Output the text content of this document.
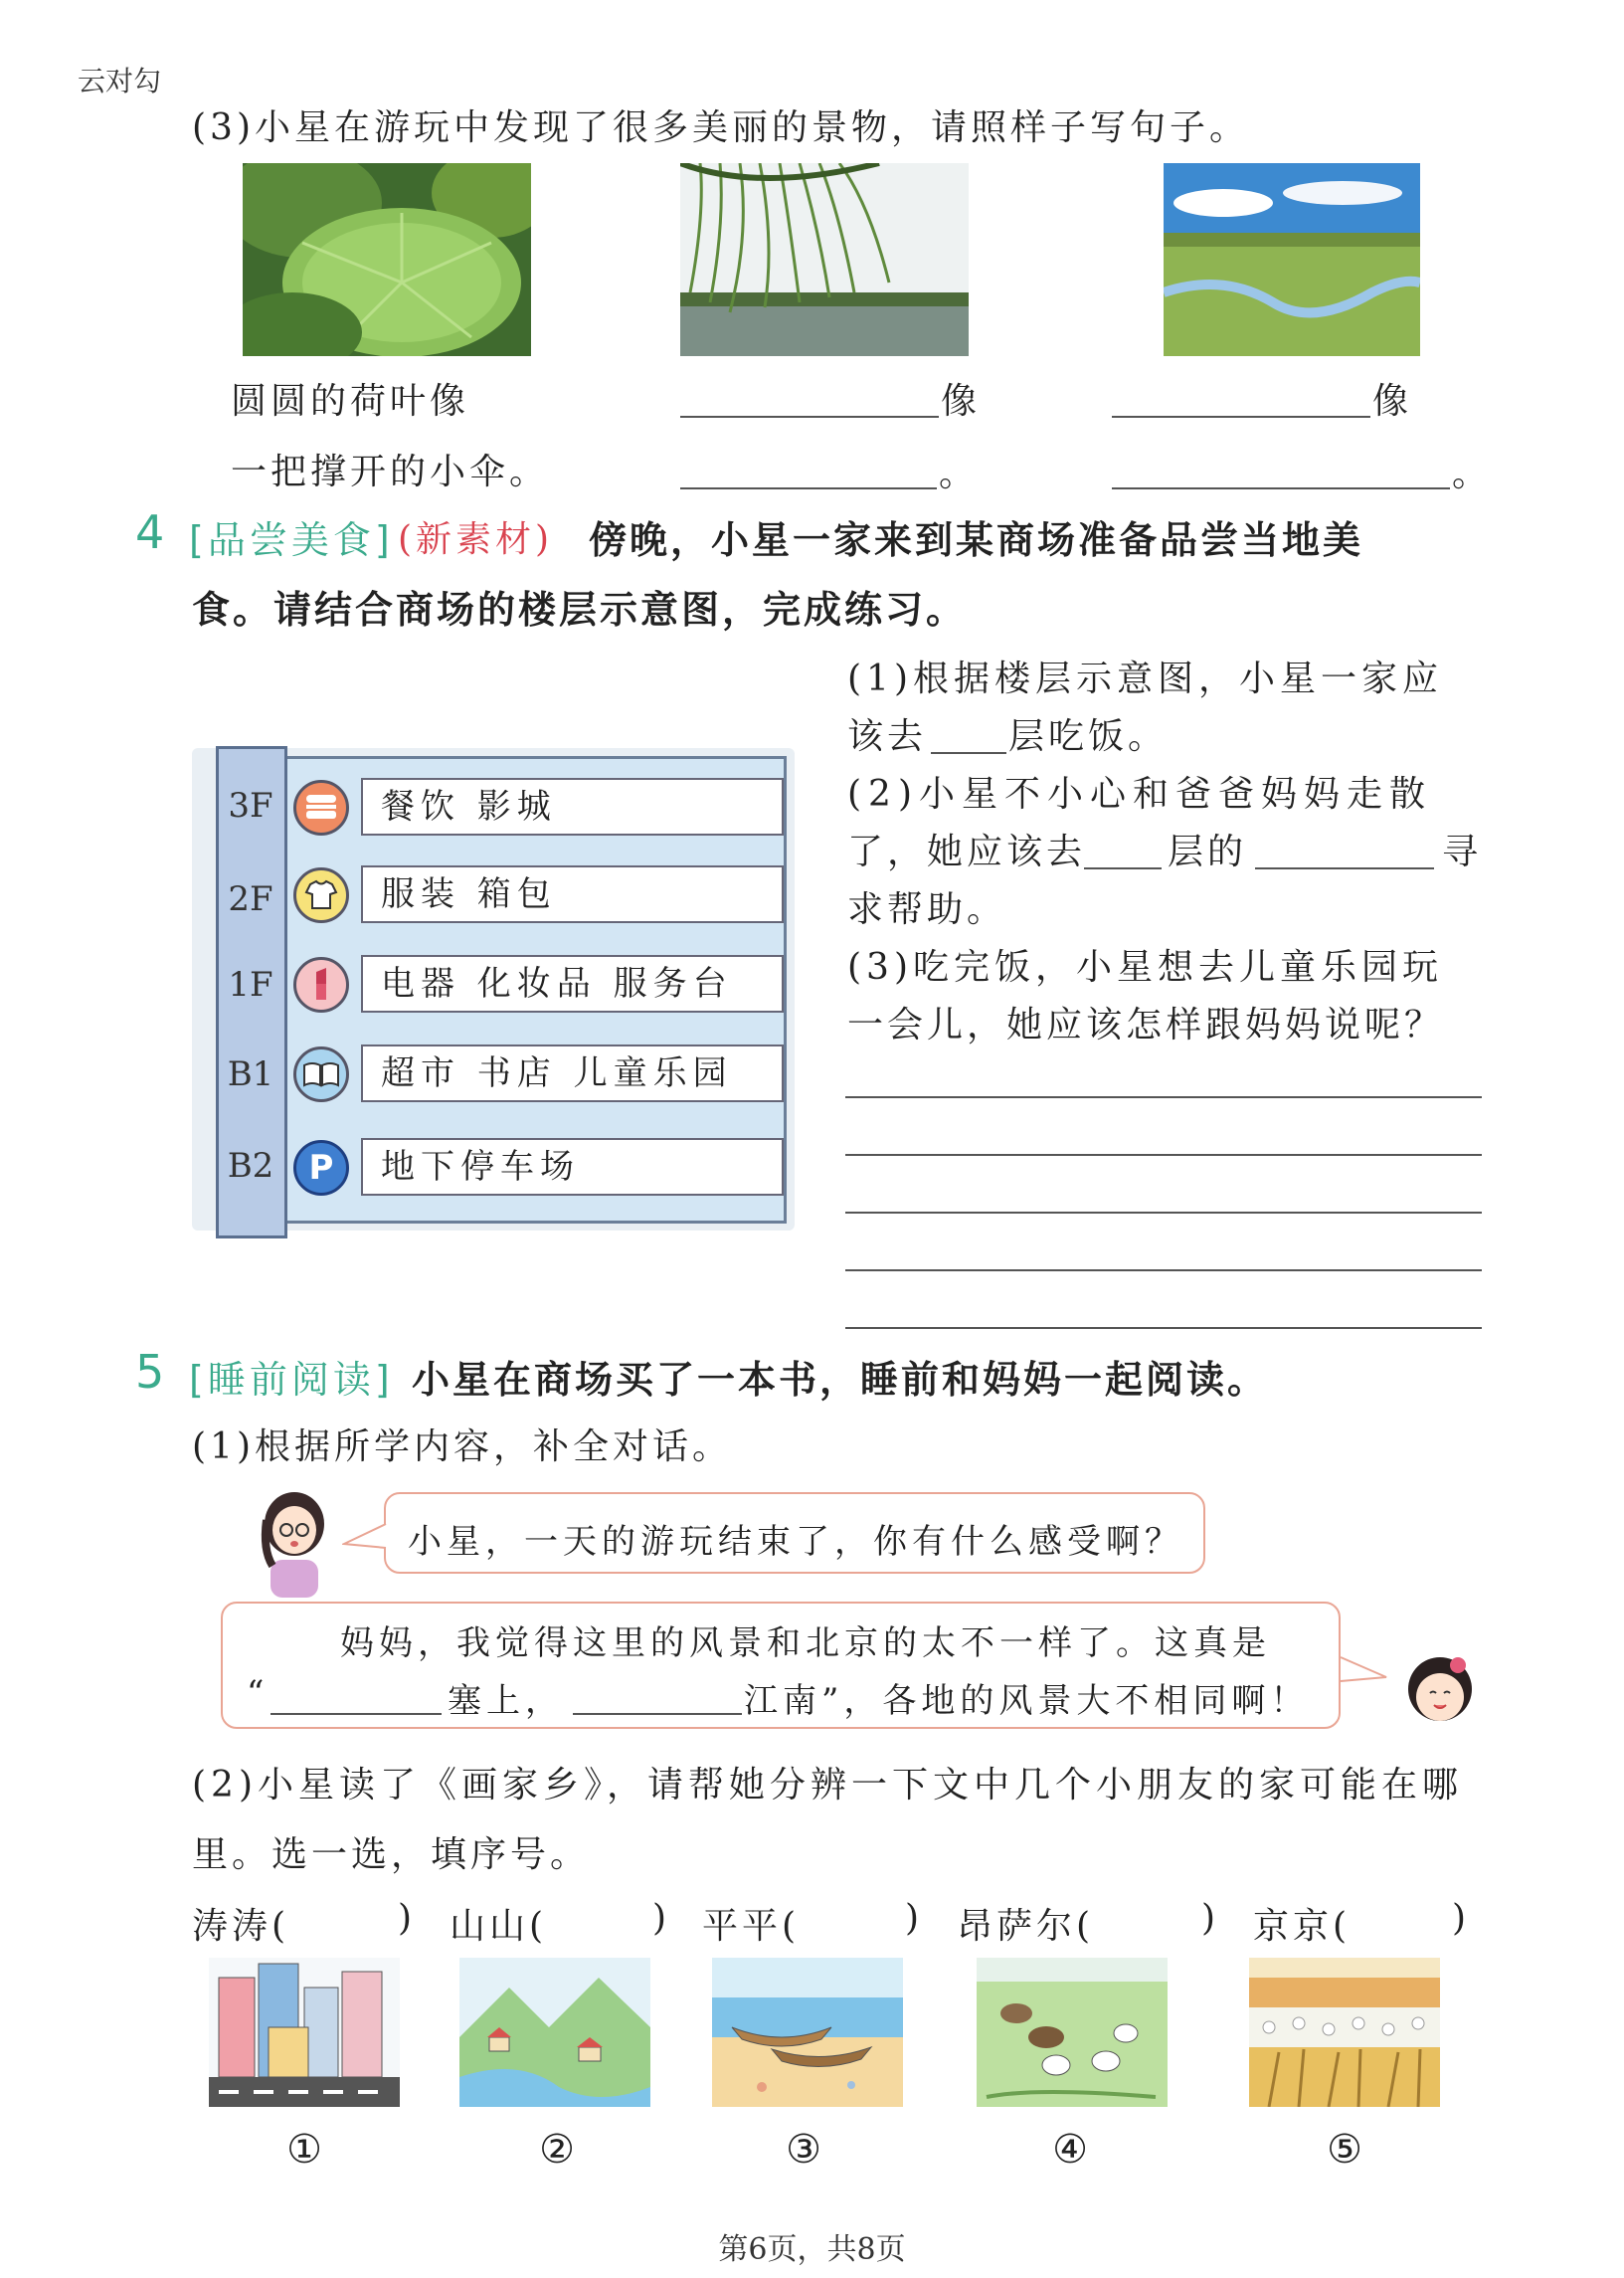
云对勾
(3)小星在游玩中发现了很多美丽的景物，请照样子写句子。
圆圆的荷叶像	像	像
一把撑开的小伞。	。	。
4 [品尝美食] (新素材) 傍晚，小星一家来到某商场准备品尝当地美
食。请结合商场的楼层示意图，完成练习。
3F	餐饮 影城
2F	服装 箱包
1F	电器 化妆品 服务台
B1	超市 书店 儿童乐园
B2	P	地下停车场
(1)根据楼层示意图，小星一家应
该去 层吃饭。
(2)小星不小心和爸爸妈妈走散
了，她应该去 层的	寻
求帮助。
(3)吃完饭，小星想去儿童乐园玩
一会儿，她应该怎样跟妈妈说呢？
5 [睡前阅读] 小星在商场买了一本书，睡前和妈妈一起阅读。
(1)根据所学内容，补全对话。
小星，一天的游玩结束了，你有什么感受啊？
妈妈，我觉得这里的风景和北京的太不一样了。这真是
“	塞上，	江南”，各地的风景大不相同啊！
(2)小星读了《画家乡》，请帮她分辨一下文中几个小朋友的家可能在哪
里。选一选，填序号。
涛涛(	) 山山(	) 平平(	) 昂萨尔(	) 京京(	)
①	②	③	④	⑤
第6页，共8页
